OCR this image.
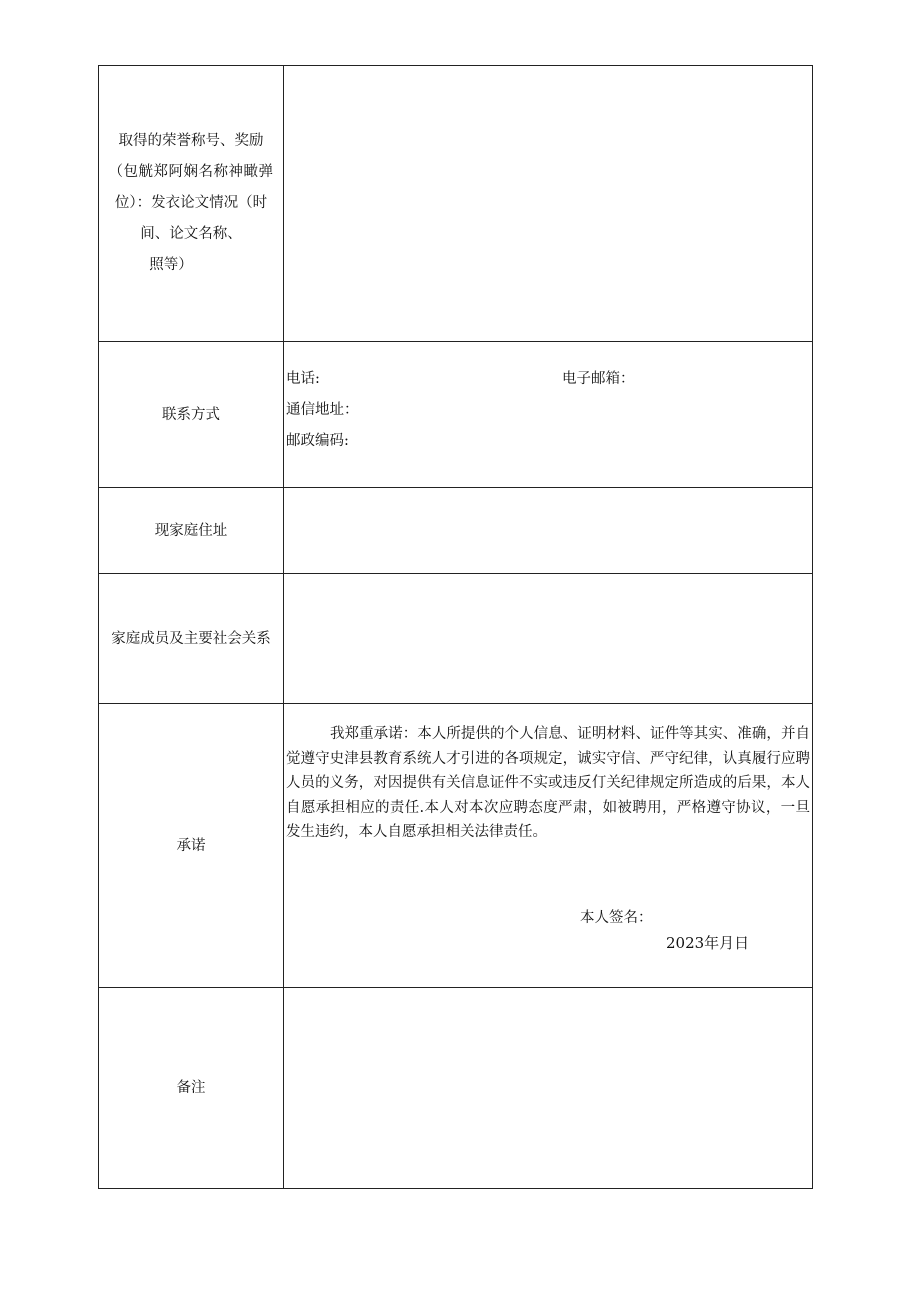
取得的荣誉称号、奖励
（包觥郑阿娴名称神瞰弹
位）：发衣论文情况（时
间、论文名称、
照等）	

联系方式	电话: 电子邮箱：
通信地址：
邮政编码:

现家庭住址	
家庭成员及主要社会关系	
承诺	我郑重承诺：本人所提供的个人信息、证明材料、证件等其实、准确，并自觉遵守史津县教育系统人才引进的各项规定，诚实守信、严守纪律，认真履行应聘人员的义务，对因提供有关信息证件不实或违反仃关纪律规定所造成的后果，本人自愿承担相应的责任.本人对本次应聘态度严肃，如被聘用，严格遵守协议，一旦发生违约，本人自愿承担相关法律责任。
本人签名：
2023年月日

备注	
